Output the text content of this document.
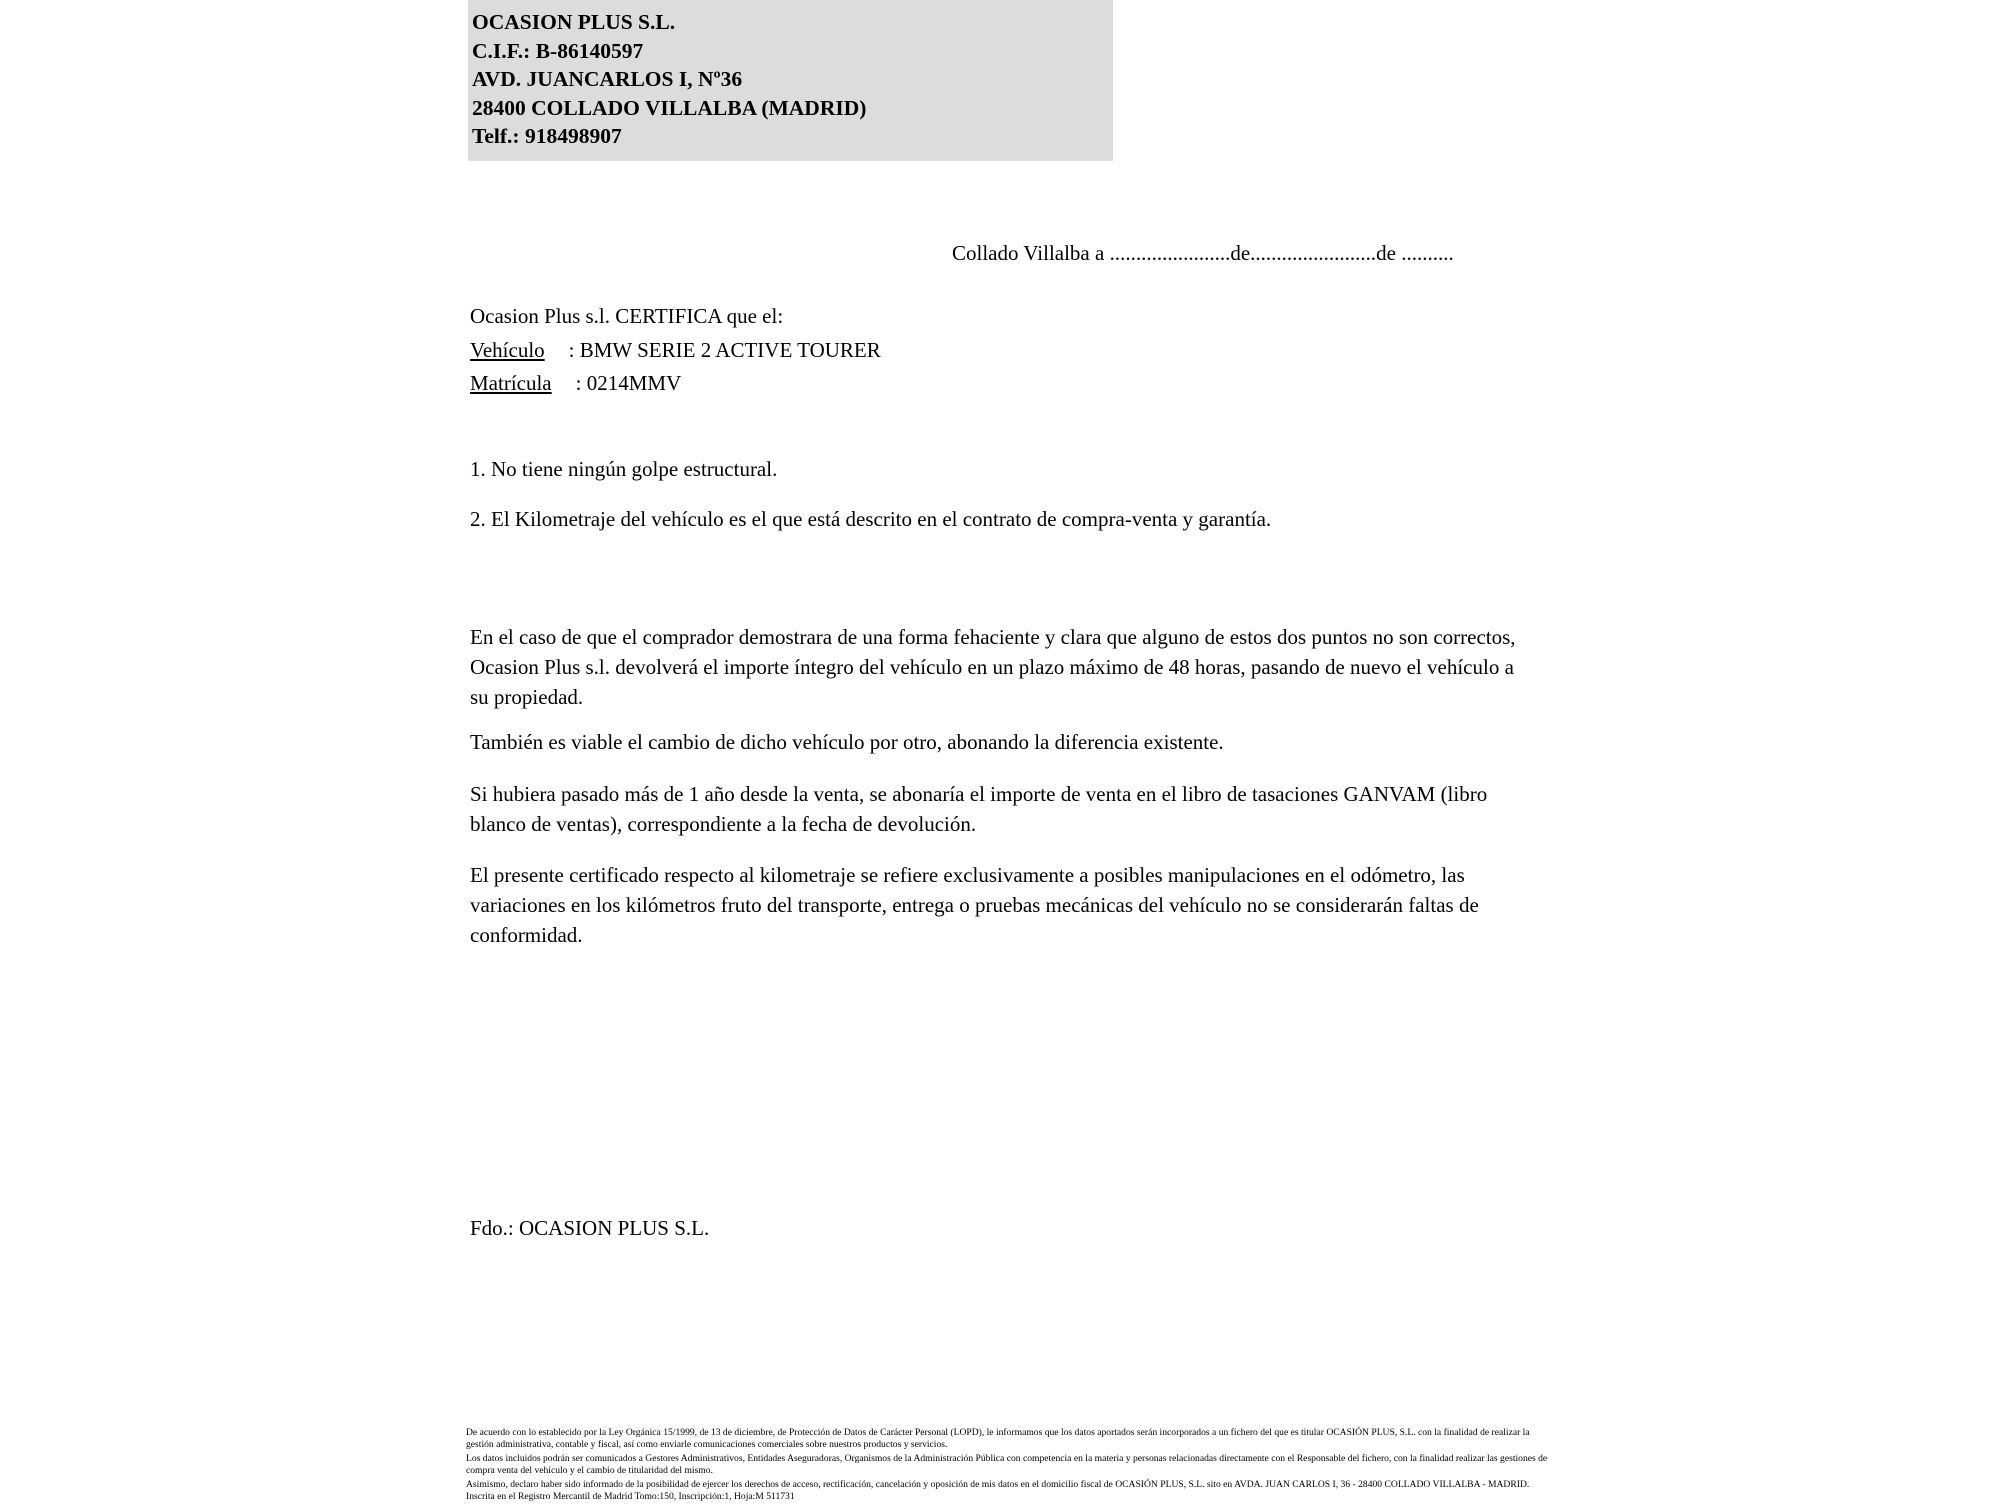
OCASION PLUS S.L.
C.I.F.: B-86140597
AVD. JUANCARLOS I, Nº36
28400 COLLADO VILLALBA (MADRID)
Telf.: 918498907
Collado Villalba a .......................de........................de ..........
Ocasion Plus s.l. CERTIFICA que el:
Vehículo : BMW SERIE 2 ACTIVE TOURER
Matrícula : 0214MMV
1. No tiene ningún golpe estructural.
2. El Kilometraje del vehículo es el que está descrito en el contrato de compra-venta y garantía.
En el caso de que el comprador demostrara de una forma fehaciente y clara que alguno de estos dos puntos no son correctos, Ocasion Plus s.l. devolverá el importe íntegro del vehículo en un plazo máximo de 48 horas, pasando de nuevo el vehículo a su propiedad.
También es viable el cambio de dicho vehículo por otro, abonando la diferencia existente.
Si hubiera pasado más de 1 año desde la venta, se abonaría el importe de venta en el libro de tasaciones GANVAM (libro blanco de ventas), correspondiente a la fecha de devolución.
El presente certificado respecto al kilometraje se refiere exclusivamente a posibles manipulaciones en el odómetro, las variaciones en los kilómetros fruto del transporte, entrega o pruebas mecánicas del vehículo no se considerarán faltas de conformidad.
Fdo.: OCASION PLUS S.L.

De acuerdo con lo establecido por la Ley Orgánica 15/1999, de 13 de diciembre, de Protección de Datos de Carácter Personal (LOPD), le informamos que los datos aportados serán incorporados a un fichero del que es titular OCASIÓN PLUS, S.L. con la finalidad de realizar la gestión administrativa, contable y fiscal, así como enviarle comunicaciones comerciales sobre nuestros productos y servicios.

Los datos incluidos podrán ser comunicados a Gestores Administrativos, Entidades Aseguradoras, Organismos de la Administración Pública con competencia en la materia y personas relacionadas directamente con el Responsable del fichero, con la finalidad realizar las gestiones de compra venta del vehículo y el cambio de titularidad del mismo.

Asimismo, declaro haber sido informado de la posibilidad de ejercer los derechos de acceso, rectificación, cancelación y oposición de mis datos en el domicilio fiscal de OCASIÓN PLUS, S.L. sito en AVDA. JUAN CARLOS I, 36 - 28400 COLLADO VILLALBA - MADRID. Inscrita en el Registro Mercantil de Madrid Tomo:150, Inscripción:1, Hoja:M 511731
